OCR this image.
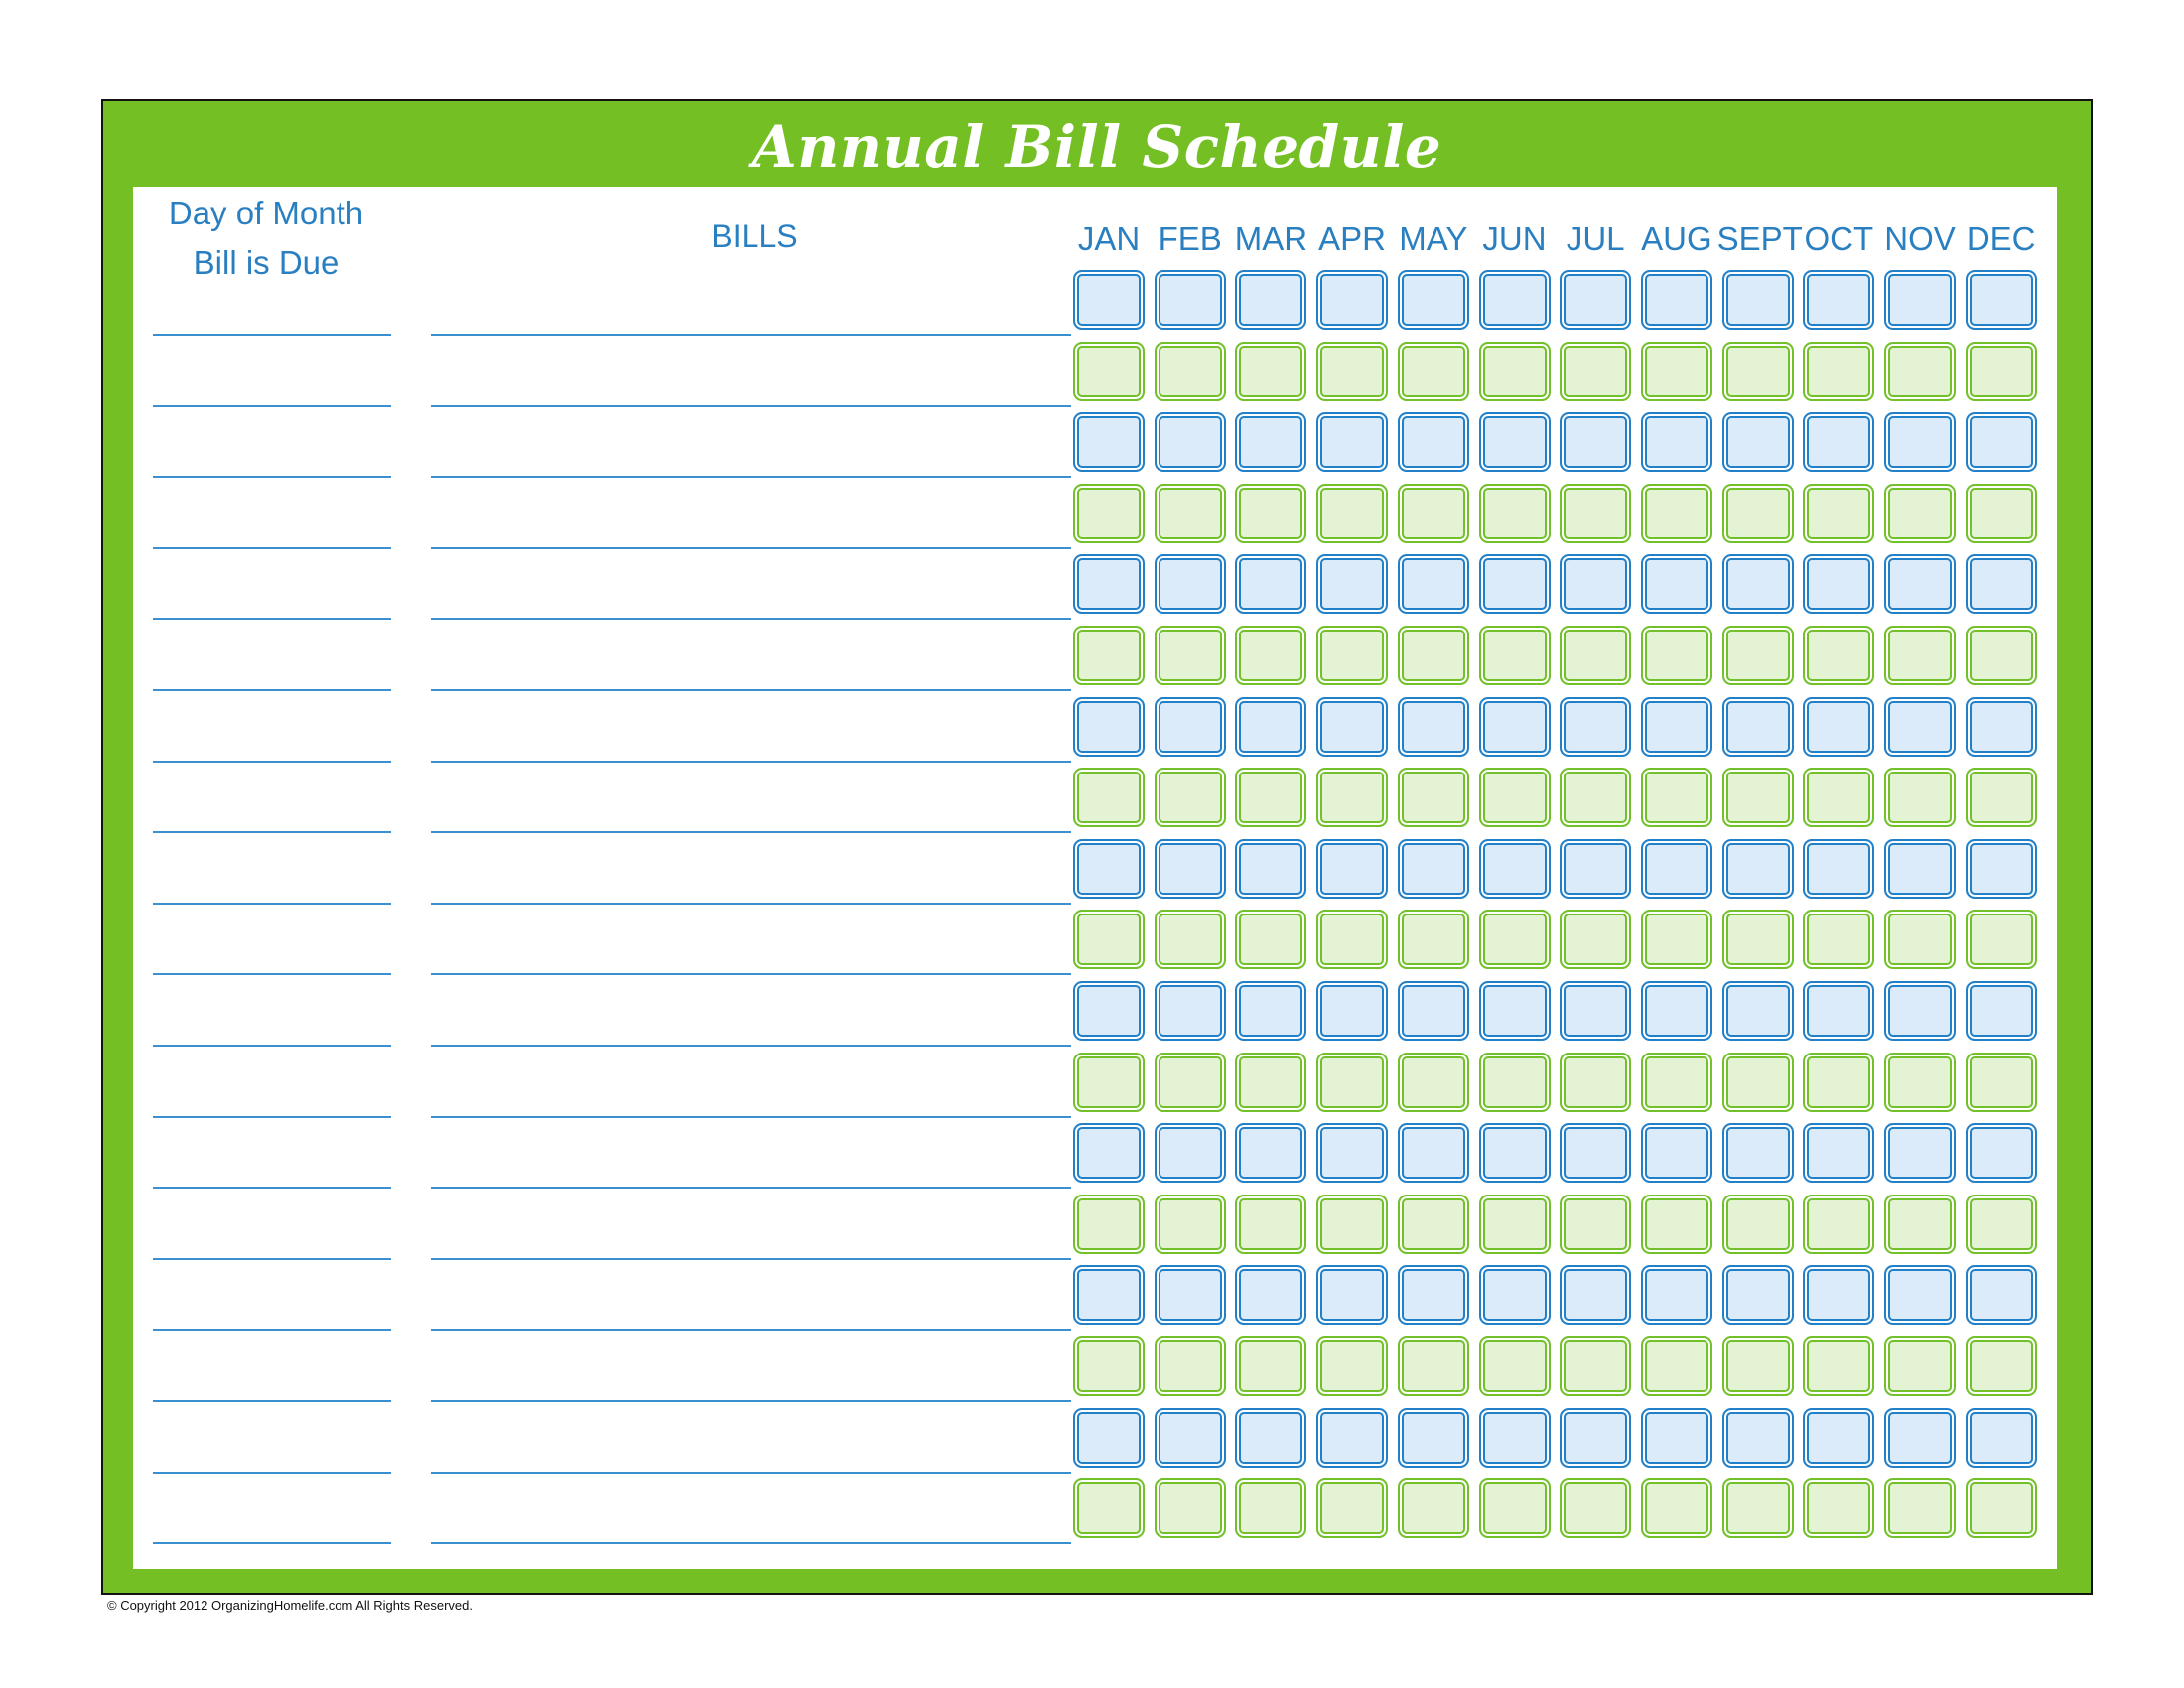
Annual Bill Schedule
Day of Month
Bill is Due
BILLS	JAN FEB MAR APR MAY JUN JUL AUG SEPT OCT NOV DEC
© Copyright 2012 OrganizingHomelife.com All Rights Reserved.
